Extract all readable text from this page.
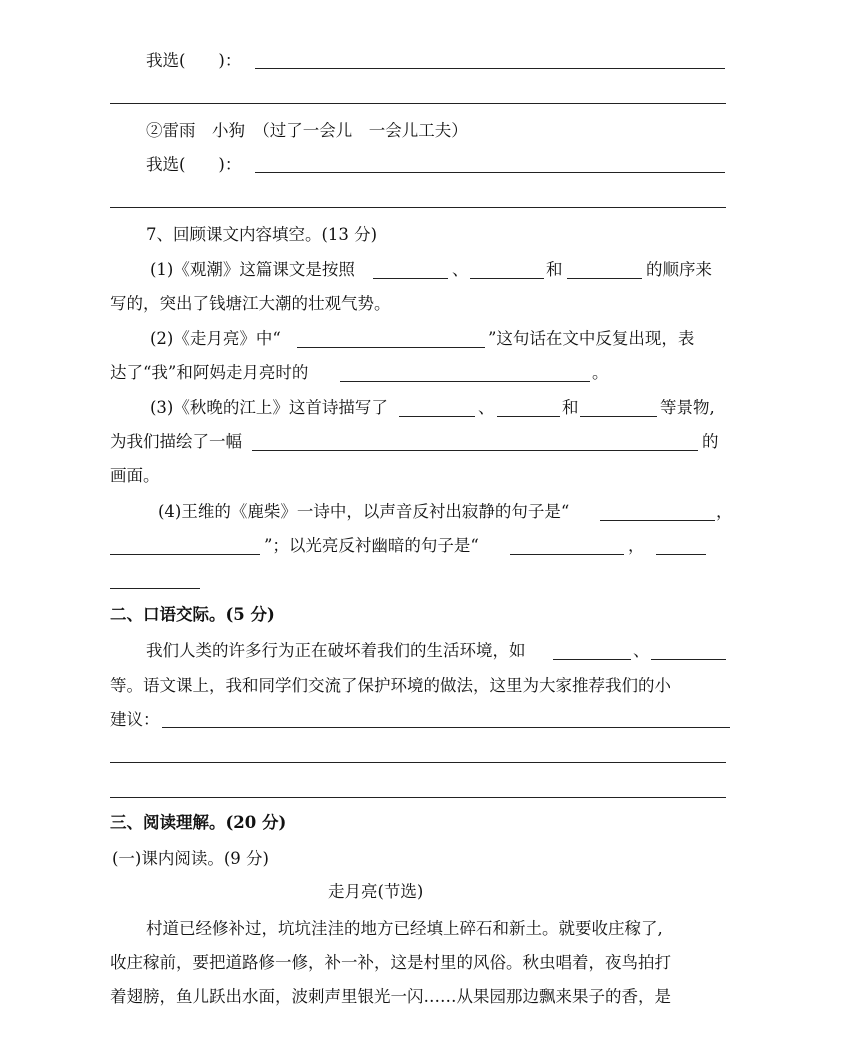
我选(　　)：
②雷雨　小狗　（过了一会儿　一会儿工夫）
我选(　　)：
7、回顾课文内容填空。(13 分)
(1)《观潮》这篇课文是按照	、	和	的顺序来
写的，突出了钱塘江大潮的壮观气势。
(2)《走月亮》中“	”这句话在文中反复出现，表
达了“我”和阿妈走月亮时的	。
(3)《秋晚的江上》这首诗描写了	、	和	等景物,
为我们描绘了一幅	的
画面。
(4)王维的《鹿柴》一诗中，以声音反衬出寂静的句子是“	，
”；以光亮反衬幽暗的句子是“	，
二、口语交际。(5 分)
我们人类的许多行为正在破坏着我们的生活环境，如	、
等。语文课上，我和同学们交流了保护环境的做法，这里为大家推荐我们的小
建议：
三、阅读理解。(20 分)
(一)课内阅读。(9 分)
走月亮(节选)
村道已经修补过，坑坑洼洼的地方已经填上碎石和新土。就要收庄稼了,
收庄稼前，要把道路修一修，补一补，这是村里的风俗。秋虫唱着，夜鸟拍打
着翅膀，鱼儿跃出水面，波刺声里银光一闪……从果园那边飘来果子的香，是
